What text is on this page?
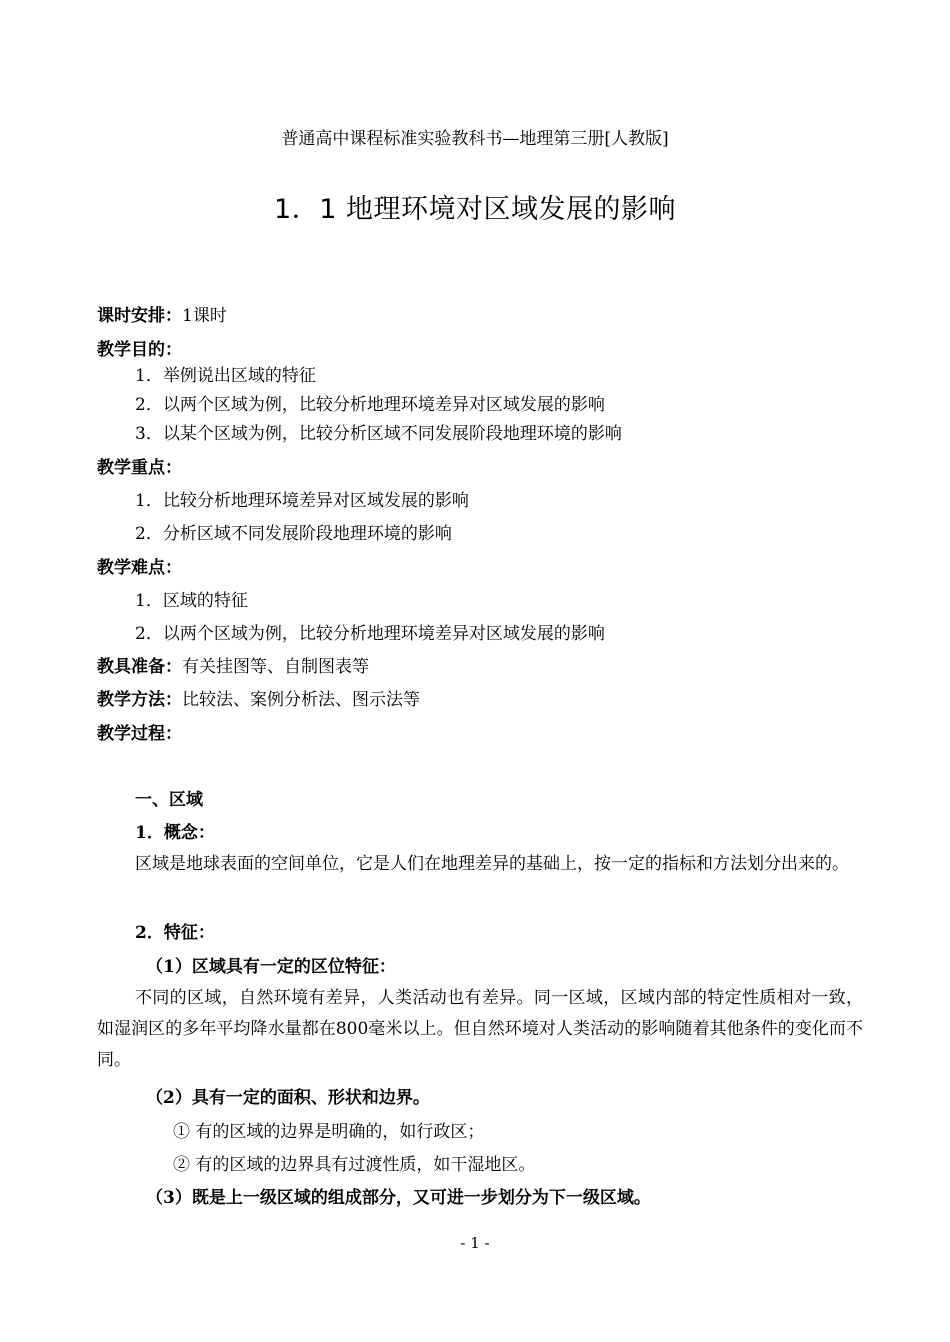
普通高中课程标准实验教科书—地理第三册[人教版]
1．1 地理环境对区域发展的影响
课时安排：1课时
教学目的：
1．举例说出区域的特征
2．以两个区域为例，比较分析地理环境差异对区域发展的影响
3．以某个区域为例，比较分析区域不同发展阶段地理环境的影响
教学重点：
1．比较分析地理环境差异对区域发展的影响
2．分析区域不同发展阶段地理环境的影响
教学难点：
1．区域的特征
2．以两个区域为例，比较分析地理环境差异对区域发展的影响
教具准备：有关挂图等、自制图表等
教学方法：比较法、案例分析法、图示法等
教学过程：
一、区域
1．概念：
区域是地球表面的空间单位，它是人们在地理差异的基础上，按一定的指标和方法划分出来的。
2．特征：
（1）区域具有一定的区位特征：
不同的区域，自然环境有差异，人类活动也有差异。同一区域，区域内部的特定性质相对一致，如湿润区的多年平均降水量都在800毫米以上。但自然环境对人类活动的影响随着其他条件的变化而不同。
（2）具有一定的面积、形状和边界。
① 有的区域的边界是明确的，如行政区；
② 有的区域的边界具有过渡性质，如干湿地区。
（3）既是上一级区域的组成部分，又可进一步划分为下一级区域。
- 1 -
